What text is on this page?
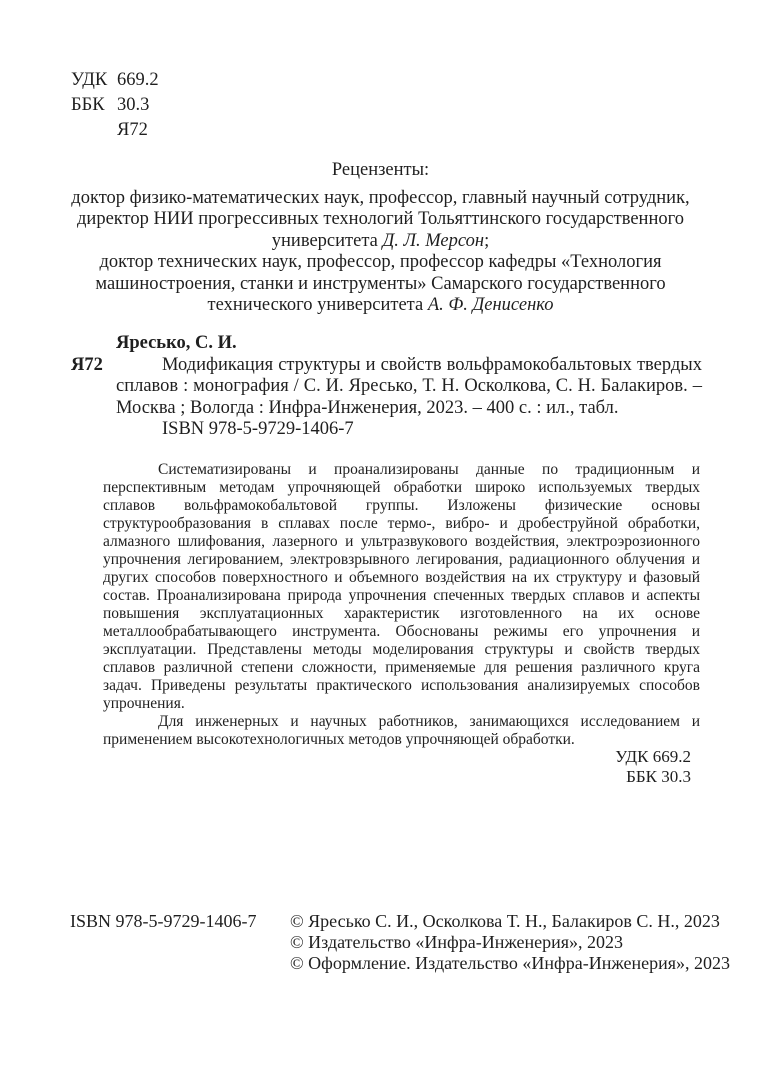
УДК 669.2
ББК 30.3
Я72

Рецензенты:

доктор физико-математических наук, профессор, главный научный сотрудник, директор НИИ прогрессивных технологий Тольяттинского государственного университета Д. Л. Мерсон;

доктор технических наук, профессор, профессор кафедры «Технология машиностроения, станки и инструменты» Самарского государственного технического университета А. Ф. Денисенко

Яресько, С. И.
Я72	Модификация структуры и свойств вольфрамокобальтовых твердых сплавов : монография / С. И. Яресько, Т. Н. Осколкова, С. Н. Балакиров. – Москва ; Вологда : Инфра-Инженерия, 2023. – 400 с. : ил., табл.

ISBN 978-5-9729-1406-7

Систематизированы и проанализированы данные по традиционным и перспективным методам упрочняющей обработки широко используемых твердых сплавов вольфрамокобальтовой группы. Изложены физические основы структурообразования в сплавах после термо-, вибро- и дробеструйной обработки, алмазного шлифования, лазерного и ультразвукового воздействия, электроэрозионного упрочнения легированием, электровзрывного легирования, радиационного облучения и других способов поверхностного и объемного воздействия на их структуру и фазовый состав. Проанализирована природа упрочнения спеченных твердых сплавов и аспекты повышения эксплуатационных характеристик изготовленного на их основе металлообрабатывающего инструмента. Обоснованы режимы его упрочнения и эксплуатации. Представлены методы моделирования структуры и свойств твердых сплавов различной степени сложности, применяемые для решения различного круга задач. Приведены результаты практического использования анализируемых способов упрочнения.

Для инженерных и научных работников, занимающихся исследованием и применением высокотехнологичных методов упрочняющей обработки.

УДК 669.2
ББК 30.3
ISBN 978-5-9729-1406-7 © Яресько С. И., Осколкова Т. Н., Балакиров С. Н., 2023
© Издательство «Инфра-Инженерия», 2023
© Оформление. Издательство «Инфра-Инженерия», 2023
